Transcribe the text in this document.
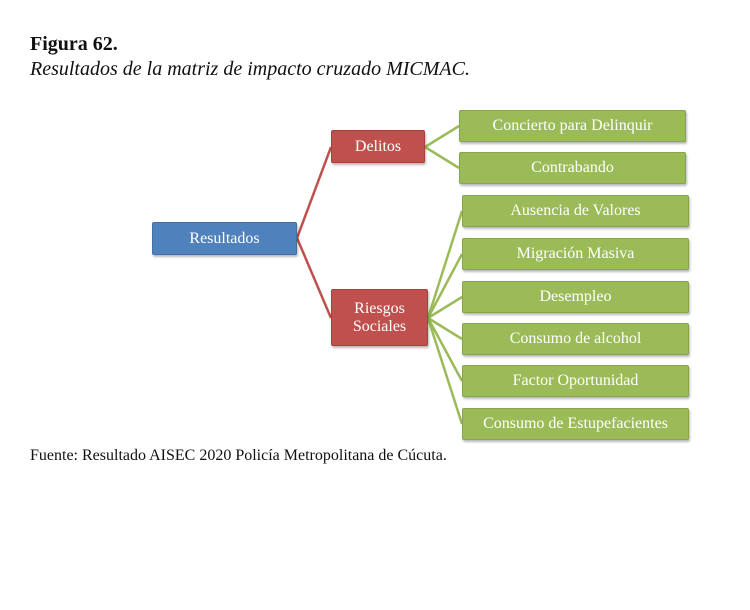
Figura 62.

Resultados de la matriz de impacto cruzado MICMAC.

Resultados
Delitos
Riesgos
Sociales
Concierto para Delinquir
Contrabando
Ausencia de Valores
Migración Masiva
Desempleo
Consumo de alcohol
Factor Oportunidad
Consumo de Estupefacientes

Fuente: Resultado AISEC 2020 Policía Metropolitana de Cúcuta.
